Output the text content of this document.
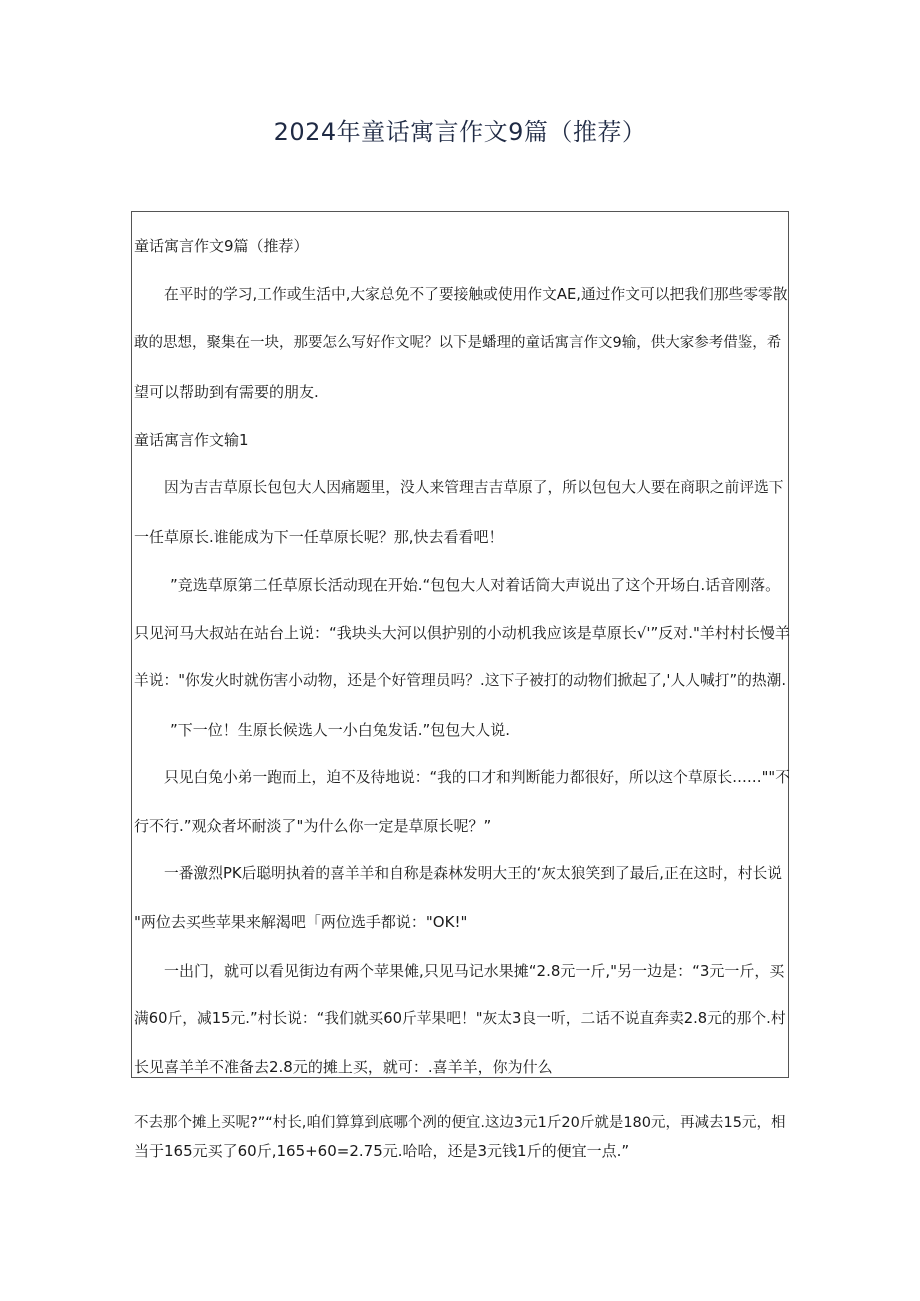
2024年童话寓言作文9篇（推荐）
童话寓言作文9篇（推荐）
在平时的学习,工作或生活中,大家总免不了要接触或使用作文AE,通过作文可以把我们那些零零散
敢的思想，聚集在一块，那要怎么写好作文呢？以下是蟠理的童话寓言作文9输，供大家参考借鉴，希
望可以帮助到有需要的朋友.
童话寓言作文输1
因为吉吉草原长包包大人因痛题里，没人来管理吉吉草原了，所以包包大人要在商职之前评选下
一任草原长.谁能成为下一任草原长呢？那,快去看看吧！
”竞选草原第二任草原长活动现在开始.“包包大人对着话筒大声说出了这个开场白.话音刚落。
只见河马大叔站在站台上说：“我块头大河以倶护别的小动机我应该是草原长√'”反对."羊村村长慢羊
羊说："你发火时就伤害小动物，还是个好管理员吗？.这下子被打的动物们掀起了,'人人喊打”的热潮.
”下一位！生原长候选人一小白兔发话.”包包大人说.
只见白兔小弟一跑而上，迫不及待地说：“我的口才和判断能力都很好，所以这个草原长……""不
行不行.”观众者坏耐淡了"为什么你一定是草原长呢？”
一番激烈PK后聪明执着的喜羊羊和自称是森林发明大王的‘灰太狼笑到了最后,正在这时，村长说
"两位去买些苹果来解渴吧「两位选手都说："OK!"
一出门，就可以看见街边有两个苹果傩,只见马记水果摊“2.8元一斤,"另一边是：“3元一斤，买
满60斤，减15元.”村长说：“我们就买60斤苹果吧！"灰太3良一听，二话不说直奔卖2.8元的那个.村
长见喜羊羊不准备去2.8元的摊上买，就可：.喜羊羊，你为什么
不去那个摊上买呢?”“村长,咱们算算到底哪个冽的便宜.这边3元1斤20斤就是180元，再减去15元，相
当于165元买了60斤,165+60=2.75元.哈哈，还是3元钱1斤的便宜一点.”
